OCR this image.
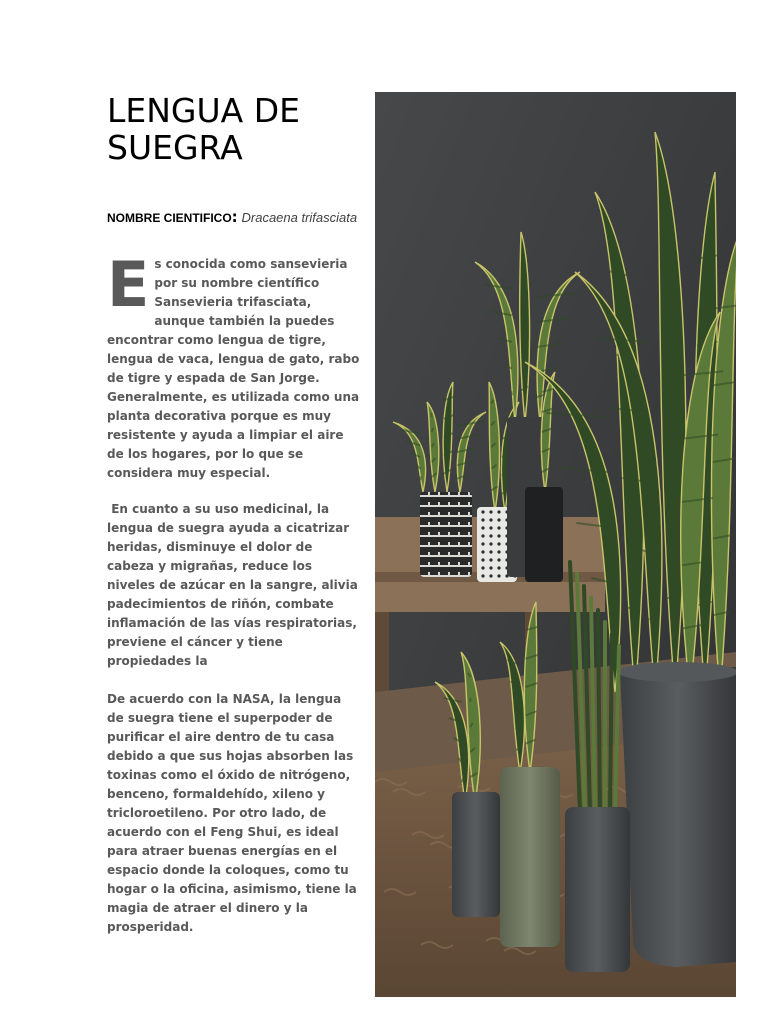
LENGUA DE SUEGRA
NOMBRE CIENTIFICO: Dracaena trifasciata

Es conocida como sansevieria por su nombre científico Sansevieria trifasciata, aunque también la puedes encontrar como lengua de tigre, lengua de vaca, lengua de gato, rabo de tigre y espada de San Jorge. Generalmente, es utilizada como una planta decorativa porque es muy resistente y ayuda a limpiar el aire de los hogares, por lo que se considera muy especial.

En cuanto a su uso medicinal, la lengua de suegra ayuda a cicatrizar heridas, disminuye el dolor de cabeza y migrañas, reduce los niveles de azúcar en la sangre, alivia padecimientos de riñón, combate inflamación de las vías respiratorias, previene el cáncer y tiene propiedades la

De acuerdo con la NASA, la lengua de suegra tiene el superpoder de purificar el aire dentro de tu casa debido a que sus hojas absorben las toxinas como el óxido de nitrógeno, benceno, formaldehído, xileno y tricloroetileno. Por otro lado, de acuerdo con el Feng Shui, es ideal para atraer buenas energías en el espacio donde la coloques, como tu hogar o la oficina, asimismo, tiene la magia de atraer el dinero y la prosperidad.
